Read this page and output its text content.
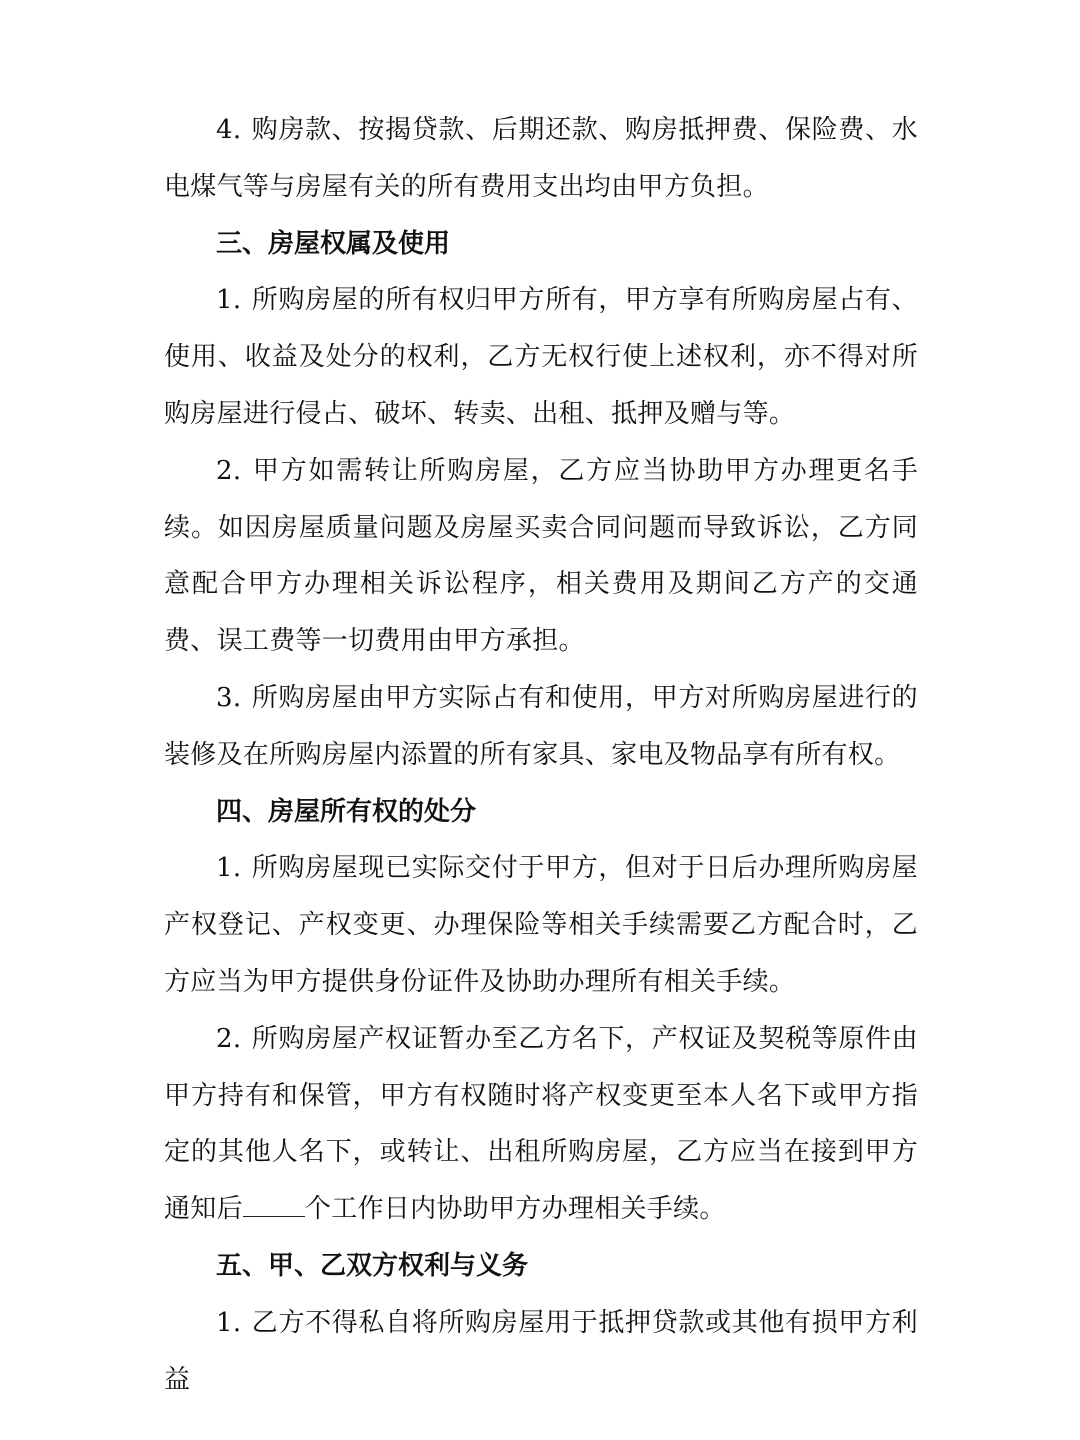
4. 购房款、按揭贷款、后期还款、购房抵押费、保险费、水电煤气等与房屋有关的所有费用支出均由甲方负担。

三、房屋权属及使用

1. 所购房屋的所有权归甲方所有，甲方享有所购房屋占有、使用、收益及处分的权利，乙方无权行使上述权利，亦不得对所购房屋进行侵占、破坏、转卖、出租、抵押及赠与等。

2. 甲方如需转让所购房屋，乙方应当协助甲方办理更名手续。如因房屋质量问题及房屋买卖合同问题而导致诉讼，乙方同意配合甲方办理相关诉讼程序，相关费用及期间乙方产的交通费、误工费等一切费用由甲方承担。

3. 所购房屋由甲方实际占有和使用，甲方对所购房屋进行的装修及在所购房屋内添置的所有家具、家电及物品享有所有权。

四、房屋所有权的处分

1. 所购房屋现已实际交付于甲方，但对于日后办理所购房屋产权登记、产权变更、办理保险等相关手续需要乙方配合时，乙方应当为甲方提供身份证件及协助办理所有相关手续。

2. 所购房屋产权证暂办至乙方名下，产权证及契税等原件由甲方持有和保管，甲方有权随时将产权变更至本人名下或甲方指定的其他人名下，或转让、出租所购房屋，乙方应当在接到甲方通知后 个工作日内协助甲方办理相关手续。

五、甲、乙双方权利与义务

1. 乙方不得私自将所购房屋用于抵押贷款或其他有损甲方利益
